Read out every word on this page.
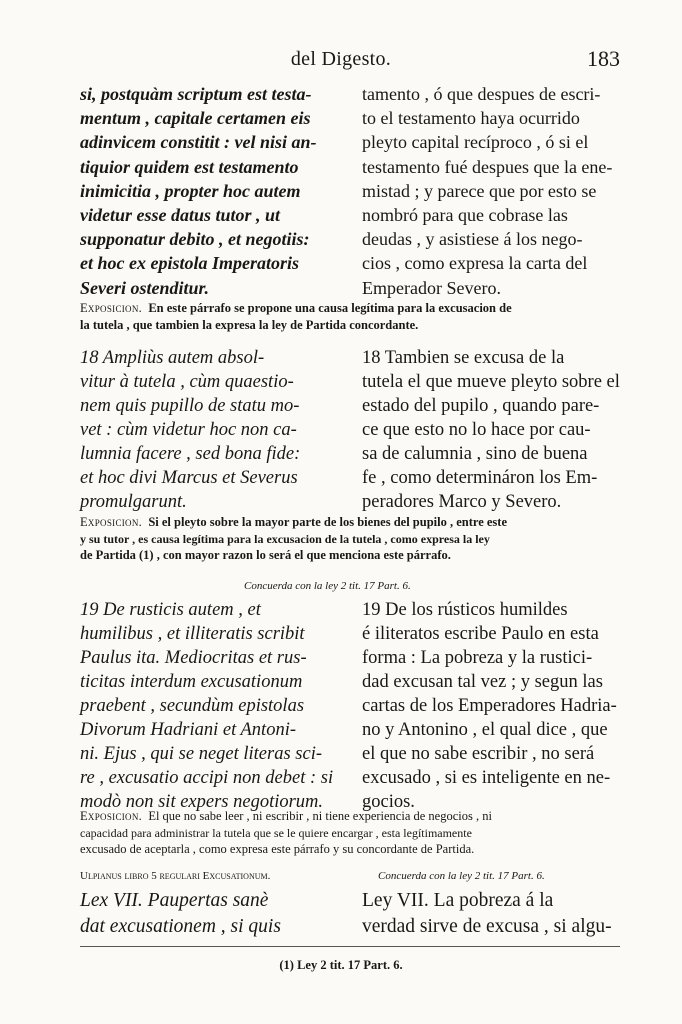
del Digesto.	183
si, postquàm scriptum est testa-
mentum , capitale certamen eis
adinvicem constitit : vel nisi an-
tiquior quidem est testamento
inimicitia , propter hoc autem
videtur esse datus tutor , ut
supponatur debito , et negotiis:
et hoc ex epistola Imperatoris
Severi ostenditur.
tamento , ó que despues de escri-
to el testamento haya ocurrido
pleyto capital recíproco , ó si el
testamento fué despues que la ene-
mistad ; y parece que por esto se
nombró para que cobrase las
deudas , y asistiese á los nego-
cios , como expresa la carta del
Emperador Severo.
Exposicion. En este párrafo se propone una causa legítima para la excusacion de
la tutela , que tambien la expresa la ley de Partida concordante.
18 Ampliùs autem absol-
vitur à tutela , cùm quaestio-
nem quis pupillo de statu mo-
vet : cùm videtur hoc non ca-
lumnia facere , sed bona fide:
et hoc divi Marcus et Severus
promulgarunt.
18 Tambien se excusa de la
tutela el que mueve pleyto sobre el
estado del pupilo , quando pare-
ce que esto no lo hace por cau-
sa de calumnia , sino de buena
fe , como determináron los Em-
peradores Marco y Severo.
Exposicion. Si el pleyto sobre la mayor parte de los bienes del pupilo , entre este
y su tutor , es causa legítima para la excusacion de la tutela , como expresa la ley
de Partida (1) , con mayor razon lo será el que menciona este párrafo.
Concuerda con la ley 2 tit. 17 Part. 6.
19 De rusticis autem , et
humilibus , et illiteratis scribit
Paulus ita. Mediocritas et rus-
ticitas interdum excusationum
praebent , secundùm epistolas
Divorum Hadriani et Antoni-
ni. Ejus , qui se neget literas sci-
re , excusatio accipi non debet : si
modò non sit expers negotiorum.
19 De los rústicos humildes
é iliteratos escribe Paulo en esta
forma : La pobreza y la rustici-
dad excusan tal vez ; y segun las
cartas de los Emperadores Hadria-
no y Antonino , el qual dice , que
el que no sabe escribir , no será
excusado , si es inteligente en ne-
gocios.
Exposicion. El que no sabe leer , ni escribir , ni tiene experiencia de negocios , ni
capacidad para administrar la tutela que se le quiere encargar , esta legítimamente
excusado de aceptarla , como expresa este párrafo y su concordante de Partida.
Ulpianus libro 5 regulari Excusationum.	Concuerda con la ley 2 tit. 17 Part. 6.
Lex VII. Paupertas sanè
dat excusationem , si quis
Ley VII. La pobreza á la
verdad sirve de excusa , si algu-
(1) Ley 2 tit. 17 Part. 6.
